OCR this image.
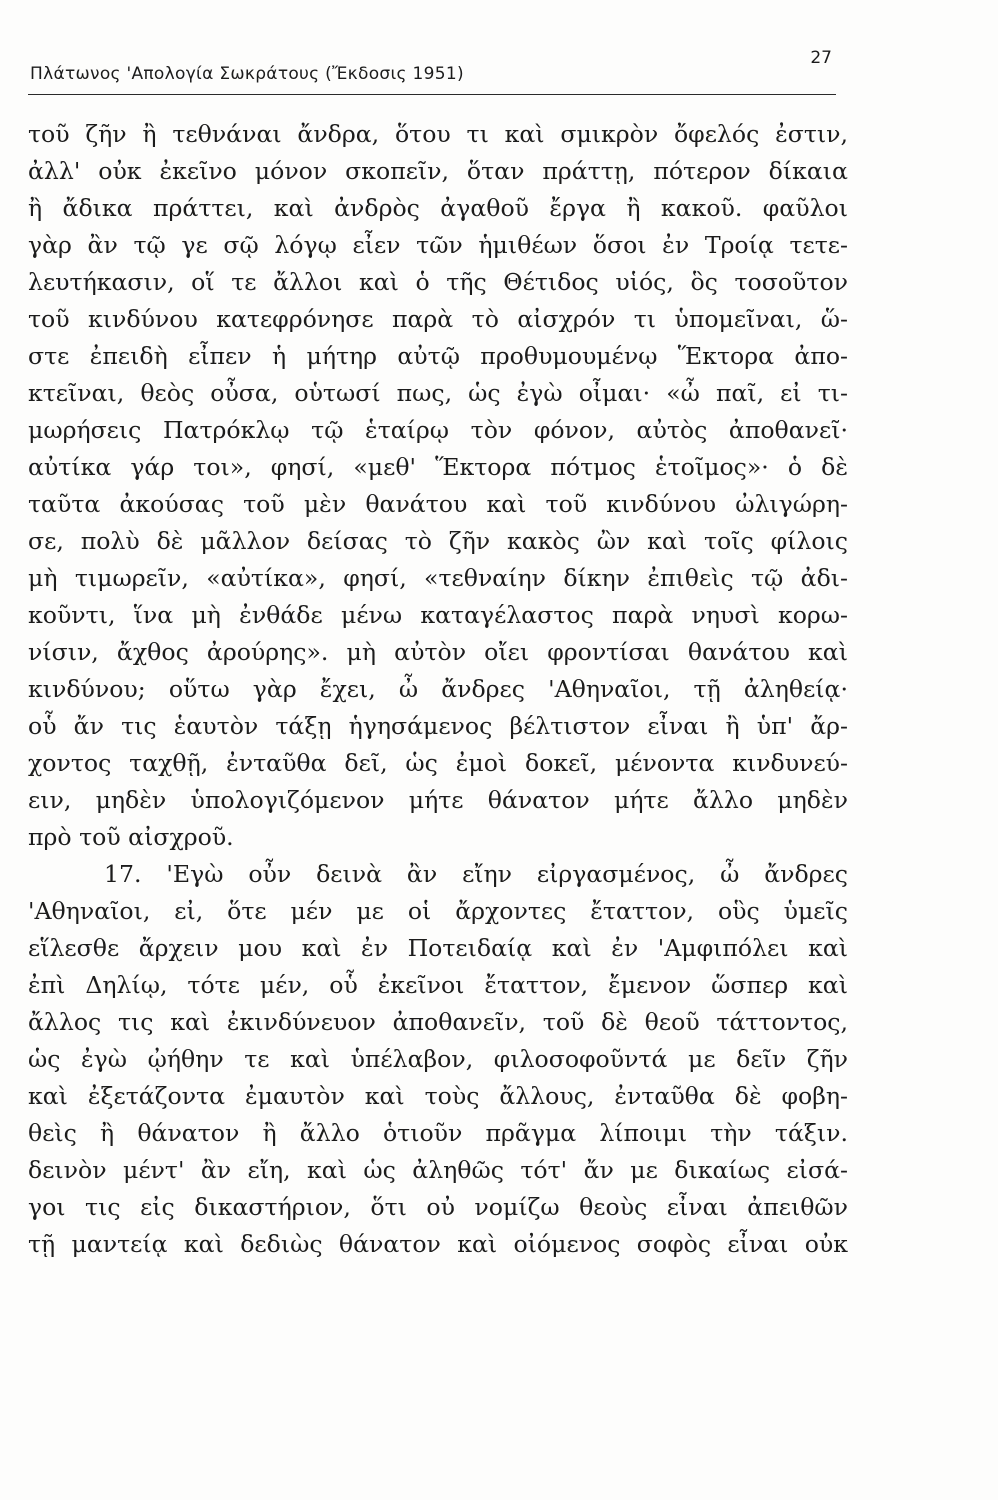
Πλάτωνος 'Απολογία Σωκράτους (Ἔκδοσις 1951)
27
τοῦ ζῆν ἢ τεθνάναι ἄνδρα, ὅτου τι καὶ σμικρὸν ὄφελός ἐστιν,
ἀλλ' οὐκ ἐκεῖνο μόνον σκοπεῖν, ὅταν πράττῃ, πότερον δίκαια
ἢ ἄδικα πράττει, καὶ ἀνδρὸς ἀγαθοῦ ἔργα ἢ κακοῦ. φαῦλοι
γὰρ ἂν τῷ γε σῷ λόγῳ εἶεν τῶν ἡμιθέων ὅσοι ἐν Τροίᾳ τετε-
λευτήκασιν, οἵ τε ἄλλοι καὶ ὁ τῆς Θέτιδος υἱός, ὃς τοσοῦτον
τοῦ κινδύνου κατεφρόνησε παρὰ τὸ αἰσχρόν τι ὑπομεῖναι, ὥ-
στε ἐπειδὴ εἶπεν ἡ μήτηρ αὐτῷ προθυμουμένῳ Ἕκτορα ἀπο-
κτεῖναι, θεὸς οὖσα, οὑτωσί πως, ὡς ἐγὼ οἶμαι· «ὦ παῖ, εἰ τι-
μωρήσεις Πατρόκλῳ τῷ ἑταίρῳ τὸν φόνον, αὐτὸς ἀποθανεῖ·
αὐτίκα γάρ τοι», φησί, «μεθ' Ἕκτορα πότμος ἑτοῖμος»· ὁ δὲ
ταῦτα ἀκούσας τοῦ μὲν θανάτου καὶ τοῦ κινδύνου ὠλιγώρη-
σε, πολὺ δὲ μᾶλλον δείσας τὸ ζῆν κακὸς ὢν καὶ τοῖς φίλοις
μὴ τιμωρεῖν, «αὐτίκα», φησί, «τεθναίην δίκην ἐπιθεὶς τῷ ἀδι-
κοῦντι, ἵνα μὴ ἐνθάδε μένω καταγέλαστος παρὰ νηυσὶ κορω-
νίσιν, ἄχθος ἀρούρης». μὴ αὐτὸν οἴει φροντίσαι θανάτου καὶ
κινδύνου; οὕτω γὰρ ἔχει, ὦ ἄνδρες 'Αθηναῖοι, τῇ ἀληθείᾳ·
οὗ ἄν τις ἑαυτὸν τάξῃ ἡγησάμενος βέλτιστον εἶναι ἢ ὑπ' ἄρ-
χοντος ταχθῇ, ἐνταῦθα δεῖ, ὡς ἐμοὶ δοκεῖ, μένοντα κινδυνεύ-
ειν, μηδὲν ὑπολογιζόμενον μήτε θάνατον μήτε ἄλλο μηδὲν
πρὸ τοῦ αἰσχροῦ.
17. 'Εγὼ οὖν δεινὰ ἂν εἴην εἰργασμένος, ὦ ἄνδρες
'Αθηναῖοι, εἰ, ὅτε μέν με οἱ ἄρχοντες ἔταττον, οὓς ὑμεῖς
εἵλεσθε ἄρχειν μου καὶ ἐν Ποτειδαίᾳ καὶ ἐν 'Αμφιπόλει καὶ
ἐπὶ Δηλίῳ, τότε μέν, οὗ ἐκεῖνοι ἔταττον, ἔμενον ὥσπερ καὶ
ἄλλος τις καὶ ἐκινδύνευον ἀποθανεῖν, τοῦ δὲ θεοῦ τάττοντος,
ὡς ἐγὼ ᾠήθην τε καὶ ὑπέλαβον, φιλοσοφοῦντά με δεῖν ζῆν
καὶ ἐξετάζοντα ἐμαυτὸν καὶ τοὺς ἄλλους, ἐνταῦθα δὲ φοβη-
θεὶς ἢ θάνατον ἢ ἄλλο ὁτιοῦν πρᾶγμα λίποιμι τὴν τάξιν.
δεινὸν μέντ' ἂν εἴη, καὶ ὡς ἀληθῶς τότ' ἄν με δικαίως εἰσά-
γοι τις εἰς δικαστήριον, ὅτι οὐ νομίζω θεοὺς εἶναι ἀπειθῶν
τῇ μαντείᾳ καὶ δεδιὼς θάνατον καὶ οἰόμενος σοφὸς εἶναι οὐκ
